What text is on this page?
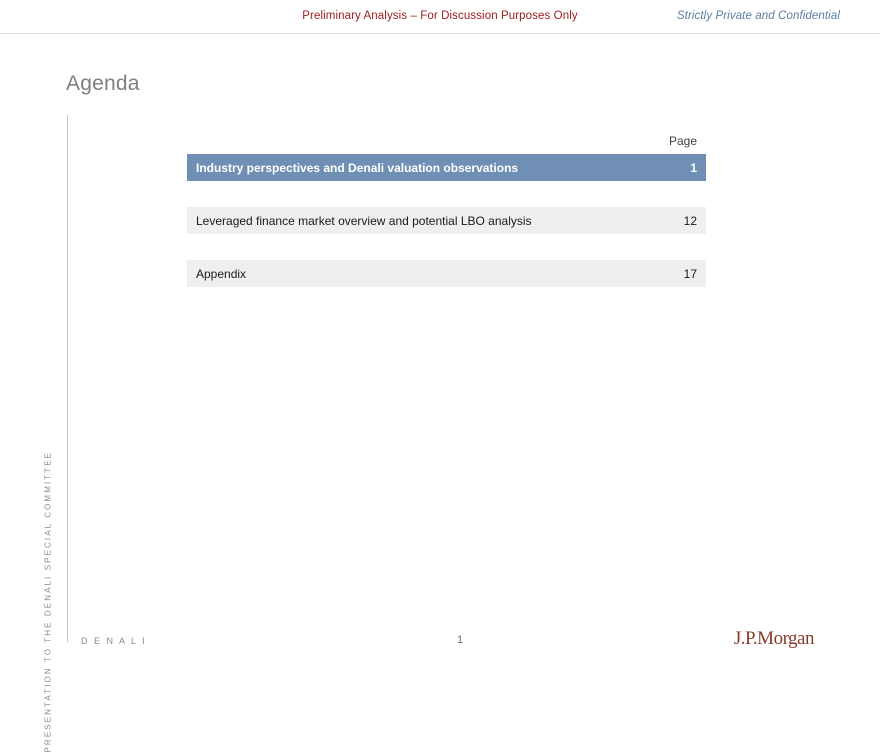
Preliminary Analysis – For Discussion Purposes Only	Strictly Private and Confidential
Agenda
PRESENTATION TO THE DENALI SPECIAL COMMITTEE
Page
Industry perspectives and Denali valuation observations	1
Leveraged finance market overview and potential LBO analysis	12
Appendix	17
D E N A L I	1	J.P.Morgan
